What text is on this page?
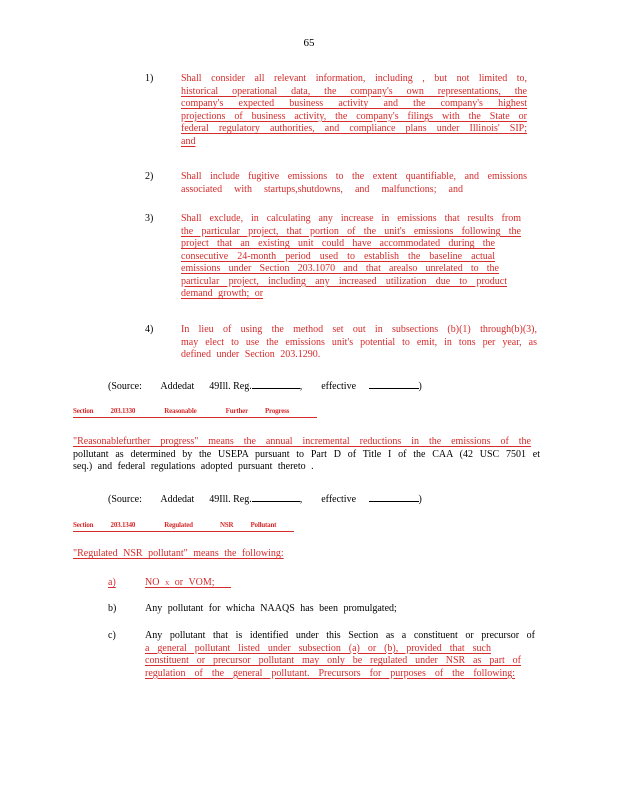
65
1)	Shall consider all relevant information, including , but not limited to,
historical operational data, the company's own representations, the
company's expected business activity and the company's highest
projections of business activity, the company's filings with the State or
federal regulatory authorities, and compliance plans under Illinois' SIP;
and
2)	Shall include fugitive emissions to the extent quantifiable, and emissions
associated with startups,shutdowns, and malfunctions; and
3)	Shall exclude, in calculating any increase in emissions that results from
the particular project, that portion of the unit's emissions following the
project that an existing unit could have accommodated during the
consecutive 24-month period used to establish the baseline actual
emissions under Section 203.1070 and that arealso unrelated to the
particular project, including any increased utilization due to product
demand growth; or
4)	In lieu of using the method set out in subsections (b)(1) through(b)(3),
may elect to use the emissions unit's potential to emit, in tons per year, as
defined under Section 203.1290.
(Source: Addedat 49Ill. Reg.	, effective	)
Section 203.1330	Reasonable	Further Progress
"Reasonablefurther progress" means the annual incremental reductions in the emissions of the
pollutant as determined by the USEPA pursuant to Part D of Title I of the CAA (42 USC 7501 et
seq.) and federal regulations adopted pursuant thereto .
(Source: Addedat 49Ill. Reg.	, effective	)
Section 203.1340	Regulated	NSR Pollutant
"Regulated NSR pollutant" means the following:
a)	NO X or VOM;
b)	Any pollutant for whicha NAAQS has been promulgated;
c)	Any pollutant that is identified under this Section as a constituent or precursor of
a general pollutant listed under subsection (a) or (b), provided that such
constituent or precursor pollutant may only be regulated under NSR as part of
regulation of the general pollutant. Precursors for purposes of the following:
